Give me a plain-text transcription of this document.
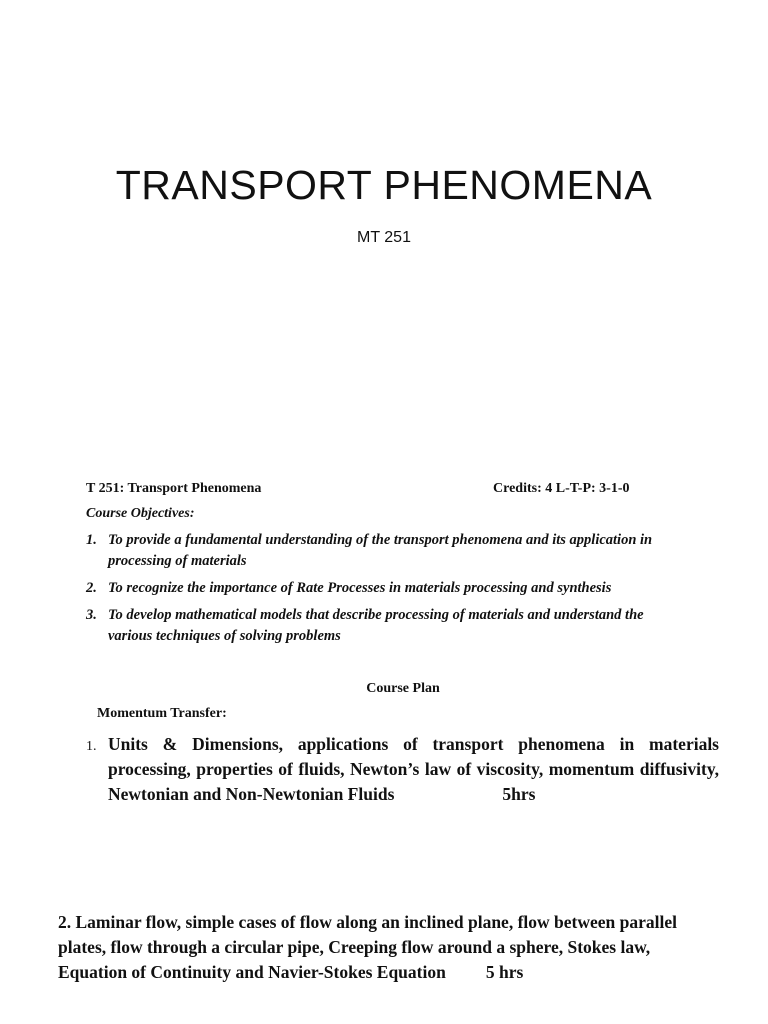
TRANSPORT PHENOMENA
MT 251
T 251: Transport Phenomena	Credits: 4 L-T-P: 3-1-0
Course Objectives:
1. To provide a fundamental understanding of the transport phenomena and its application in processing of materials
2. To recognize the importance of Rate Processes in materials processing and synthesis
3. To develop mathematical models that describe processing of materials and understand the various techniques of solving problems
Course Plan
Momentum Transfer:
1. Units & Dimensions, applications of transport phenomena in materials processing, properties of fluids, Newton’s law of viscosity, momentum diffusivity, Newtonian and Non-Newtonian Fluids	5hrs

2. Laminar flow, simple cases of flow along an inclined plane, flow between parallel plates, flow through a circular pipe, Creeping flow around a sphere, Stokes law, Equation of Continuity and Navier-Stokes Equation 5 hrs
